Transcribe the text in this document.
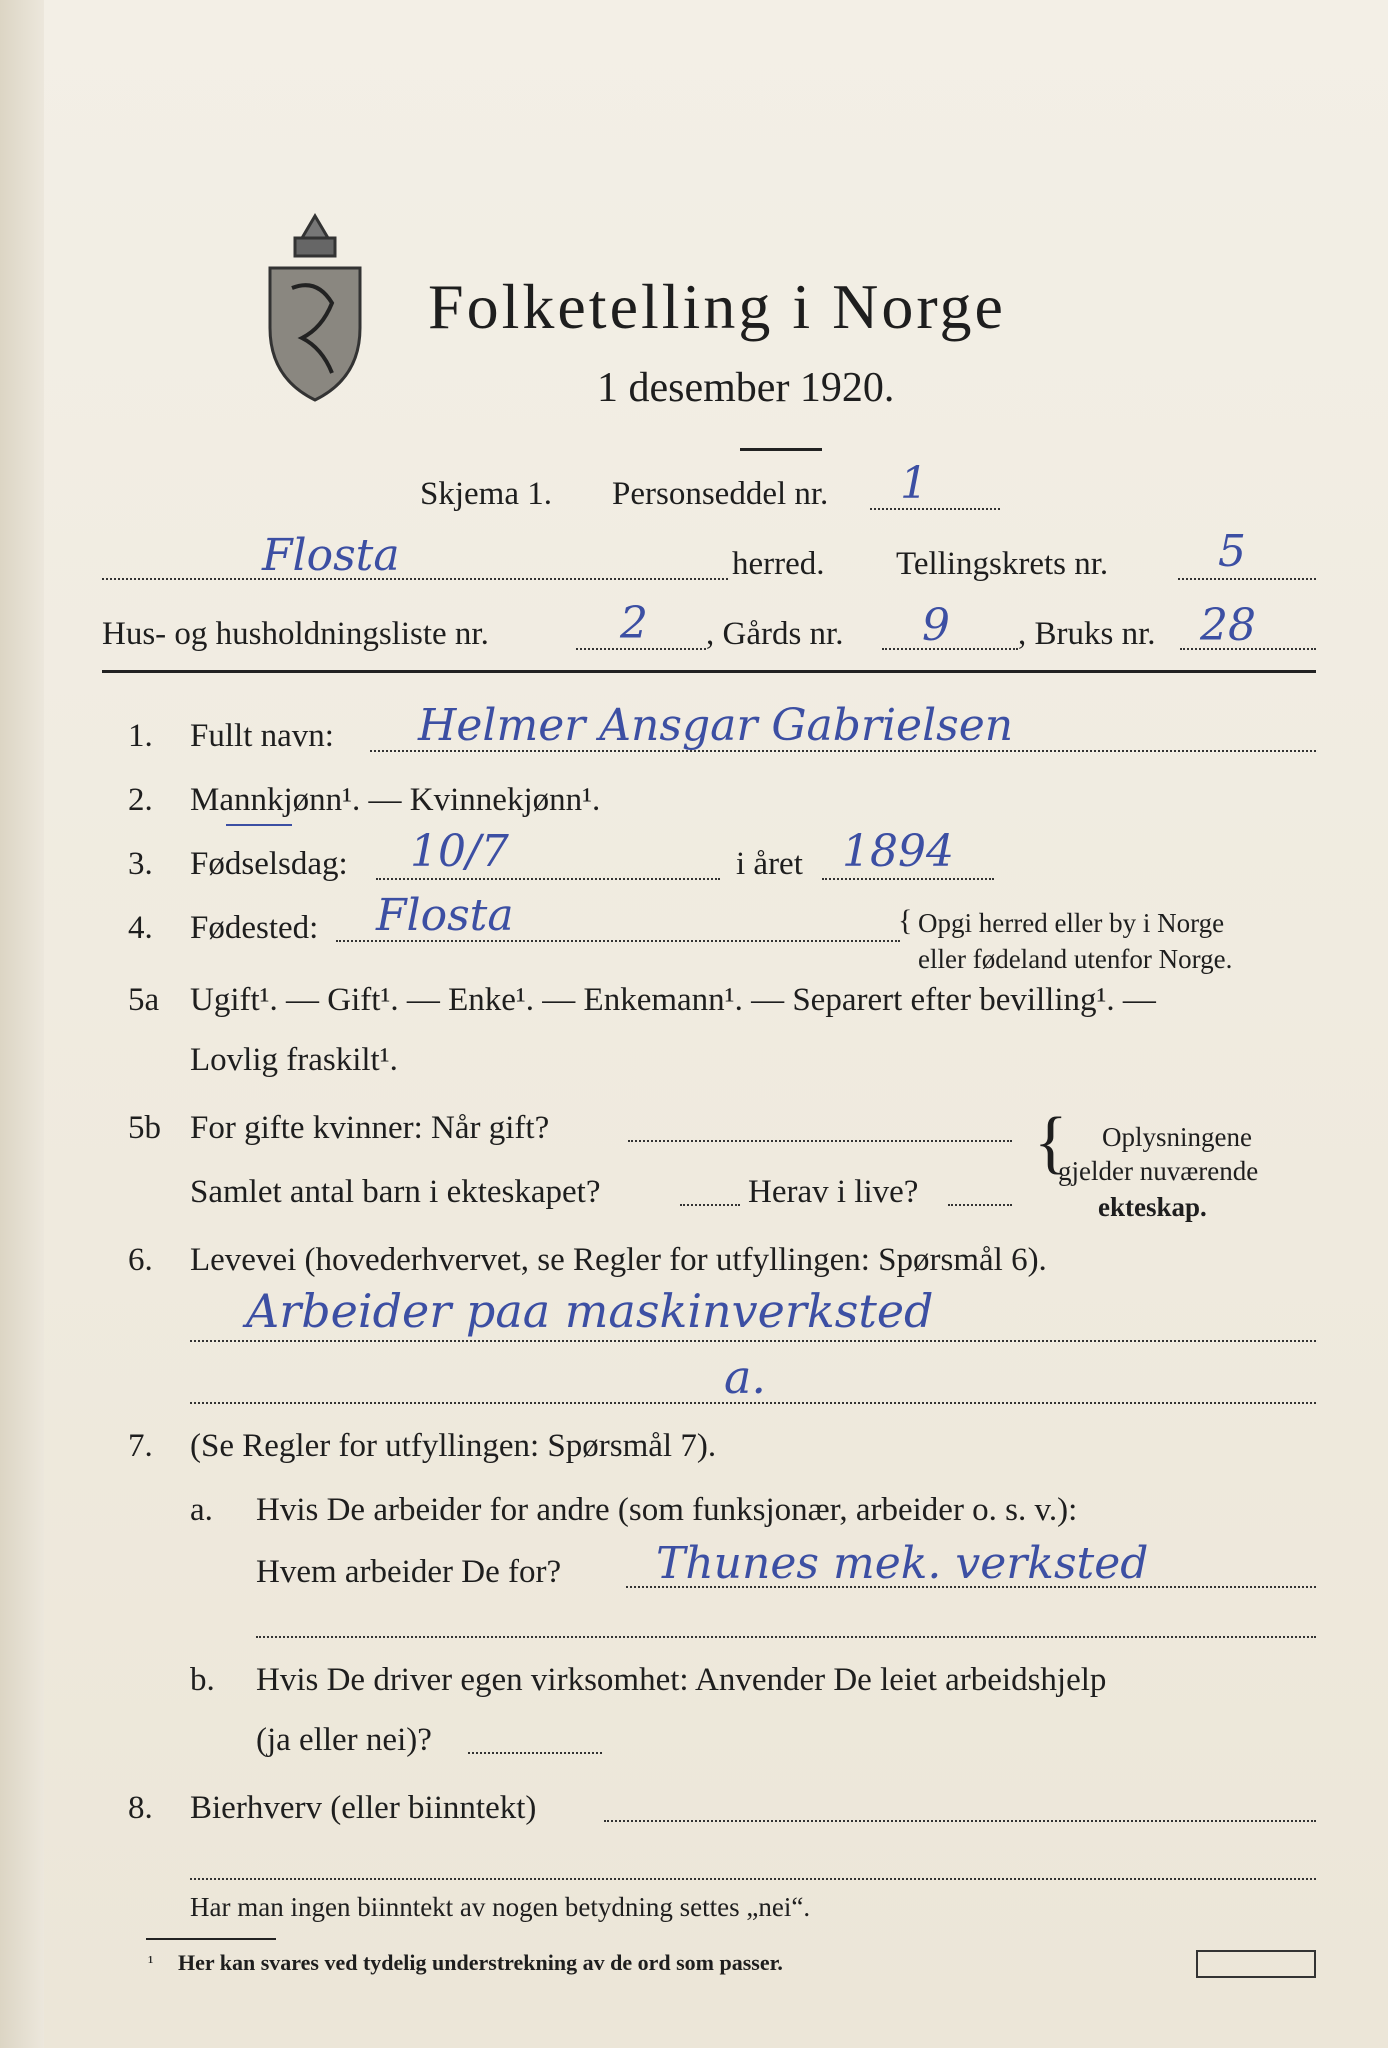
Folketelling i Norge
1 desember 1920.
Skjema 1. Personseddel nr. 1
Flosta	herred. Tellingskrets nr. 5
Hus- og husholdningsliste nr.	2 , Gårds nr. 9 , Bruks nr. 28
1. Fullt navn: Helmer Ansgar Gabrielsen
2. Mannkjønn¹. — Kvinnekjønn¹.
3. Fødselsdag: 10/7	i året 1894
4. Fødested: Flosta	{ Opgi herred eller by i Norge
eller fødeland utenfor Norge.
5a Ugift¹. — Gift¹. — Enke¹. — Enkemann¹. — Separert efter bevilling¹. —
Lovlig fraskilt¹.
5b For gifte kvinner: Når gift?
Samlet antal barn i ekteskapet?	Herav i live?
{ Oplysningene
gjelder nuværende
ekteskap.
6. Levevei (hovederhvervet, se Regler for utfyllingen: Spørsmål 6).
Arbeider paa maskinverksted
a.
7. (Se Regler for utfyllingen: Spørsmål 7).
a. Hvis De arbeider for andre (som funksjonær, arbeider o. s. v.):
Hvem arbeider De for? Thunes mek. verksted
b. Hvis De driver egen virksomhet: Anvender De leiet arbeidshjelp
(ja eller nei)?
8. Bierhverv (eller biinntekt)
Har man ingen biinntekt av nogen betydning settes „nei“.
¹ Her kan svares ved tydelig understrekning av de ord som passer.
